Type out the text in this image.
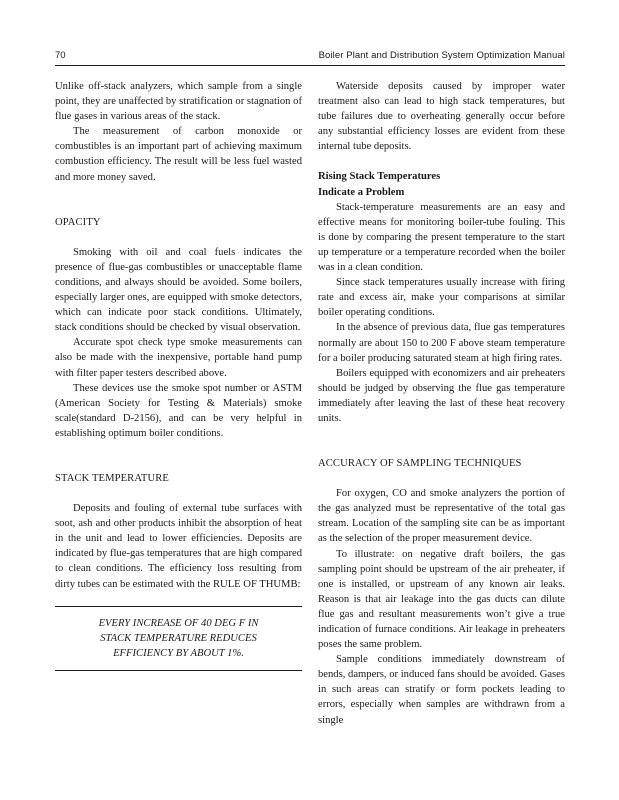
70	Boiler Plant and Distribution System Optimization Manual

Unlike off-stack analyzers, which sample from a single point, they are unaffected by stratification or stagnation of flue gases in various areas of the stack.

The measurement of carbon monoxide or combustibles is an important part of achieving maximum combustion efficiency. The result will be less fuel wasted and more money saved.

OPACITY

Smoking with oil and coal fuels indicates the presence of flue-gas combustibles or unacceptable flame conditions, and always should be avoided. Some boilers, especially larger ones, are equipped with smoke detectors, which can indicate poor stack conditions. Ultimately, stack conditions should be checked by visual observation.

Accurate spot check type smoke measurements can also be made with the inexpensive, portable hand pump with filter paper testers described above.

These devices use the smoke spot number or ASTM (American Society for Testing & Materials) smoke scale(standard D-2156), and can be very helpful in establishing optimum boiler conditions.

STACK TEMPERATURE

Deposits and fouling of external tube surfaces with soot, ash and other products inhibit the absorption of heat in the unit and lead to lower efficiencies. Deposits are indicated by flue-gas temperatures that are high compared to clean conditions. The efficiency loss resulting from dirty tubes can be estimated with the RULE OF THUMB:

EVERY INCREASE OF 40 DEG F IN
STACK TEMPERATURE REDUCES
EFFICIENCY BY ABOUT 1%.

Waterside deposits caused by improper water treatment also can lead to high stack temperatures, but tube failures due to overheating generally occur before any substantial efficiency losses are evident from these internal tube deposits.

Rising Stack Temperatures

Indicate a Problem

Stack-temperature measurements are an easy and effective means for monitoring boiler-tube fouling. This is done by comparing the present temperature to the start up temperature or a temperature recorded when the boiler was in a clean condition.

Since stack temperatures usually increase with firing rate and excess air, make your comparisons at similar boiler operating conditions.

In the absence of previous data, flue gas temperatures normally are about 150 to 200 F above steam temperature for a boiler producing saturated steam at high firing rates.

Boilers equipped with economizers and air preheaters should be judged by observing the flue gas temperature immediately after leaving the last of these heat recovery units.

ACCURACY OF SAMPLING TECHNIQUES

For oxygen, CO and smoke analyzers the portion of the gas analyzed must be representative of the total gas stream. Location of the sampling site can be as important as the selection of the proper measurement device.

To illustrate: on negative draft boilers, the gas sampling point should be upstream of the air preheater, if one is installed, or upstream of any known air leaks. Reason is that air leakage into the gas ducts can dilute flue gas and resultant measurements won’t give a true indication of furnace conditions. Air leakage in preheaters poses the same problem.

Sample conditions immediately downstream of bends, dampers, or induced fans should be avoided. Gases in such areas can stratify or form pockets leading to errors, especially when samples are withdrawn from a single
